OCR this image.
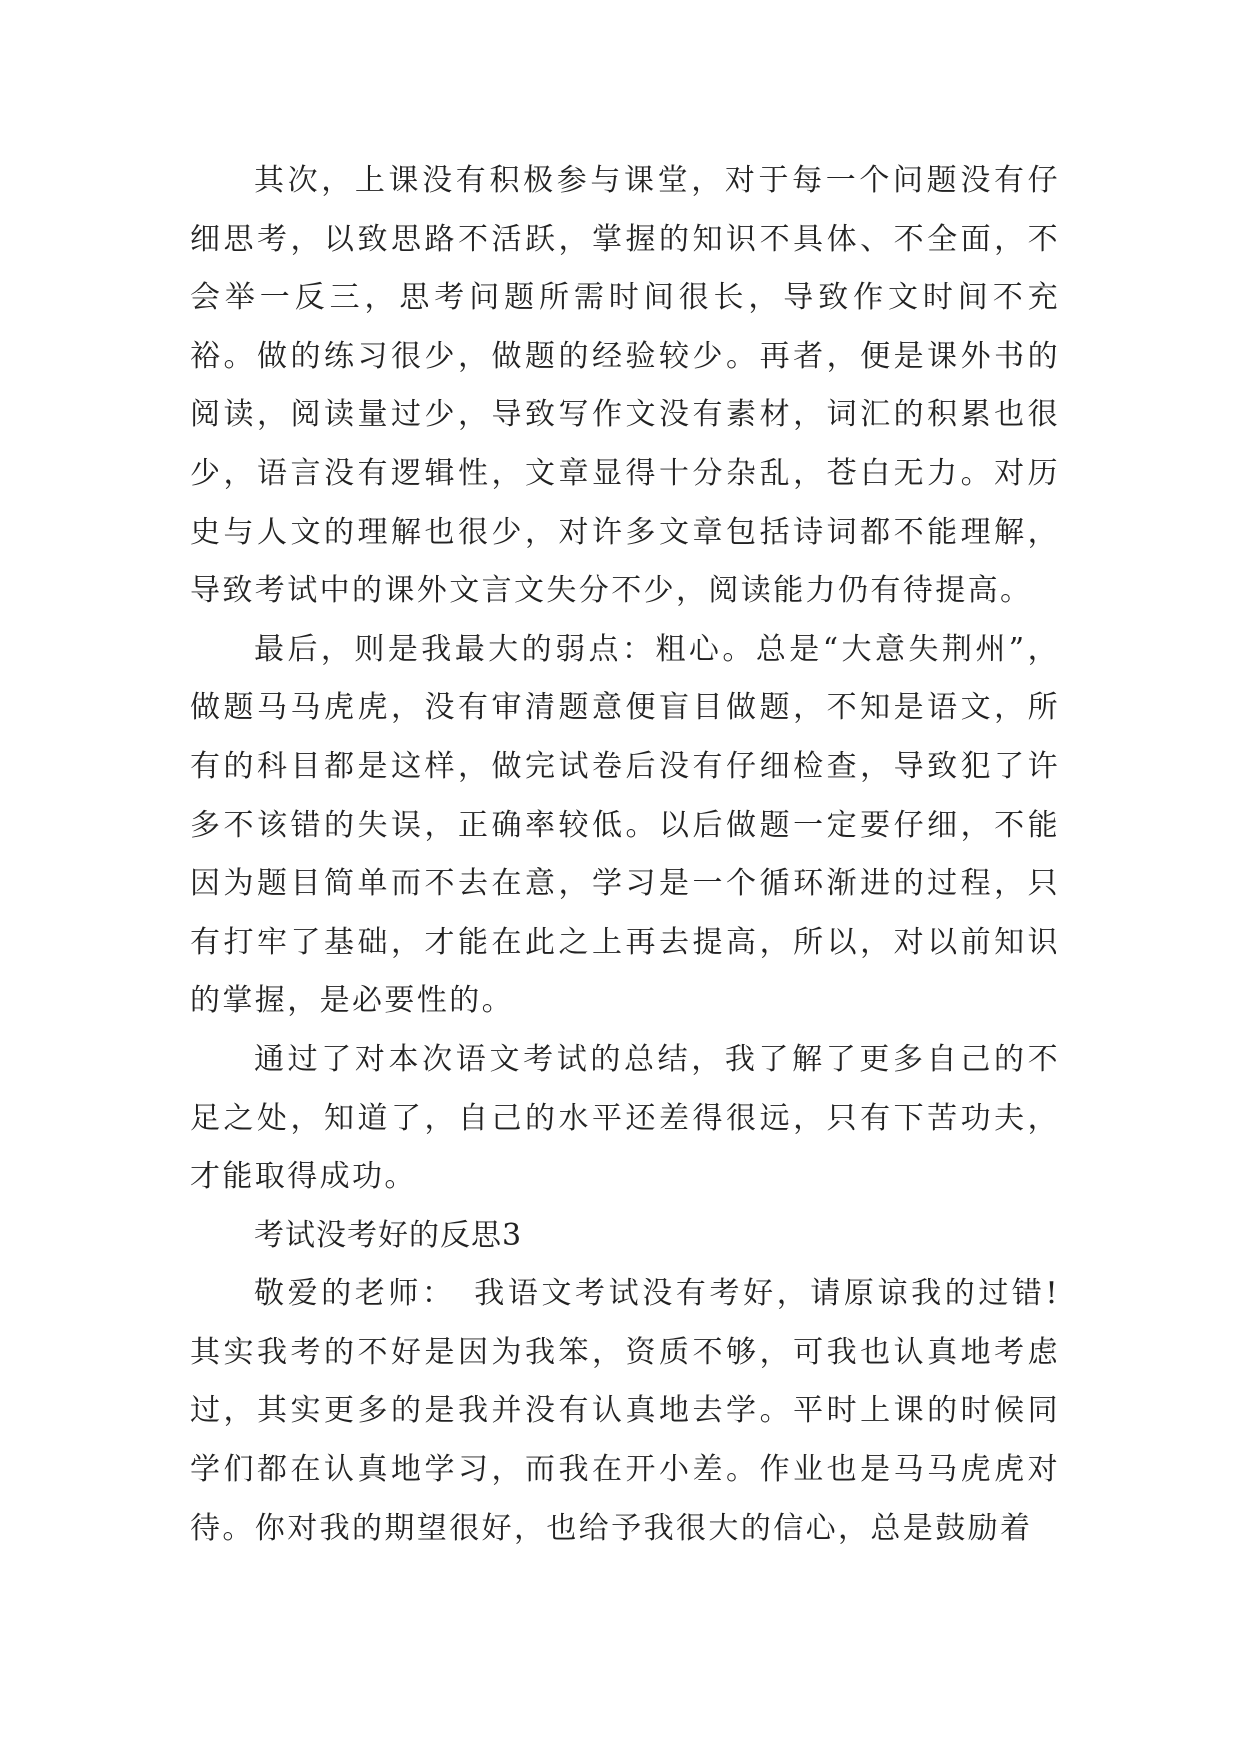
其次，上课没有积极参与课堂，对于每一个问题没有仔细思考，以致思路不活跃，掌握的知识不具体、不全面，不会举一反三，思考问题所需时间很长，导致作文时间不充裕。做的练习很少，做题的经验较少。再者，便是课外书的阅读，阅读量过少，导致写作文没有素材，词汇的积累也很少，语言没有逻辑性，文章显得十分杂乱，苍白无力。对历史与人文的理解也很少，对许多文章包括诗词都不能理解，导致考试中的课外文言文失分不少，阅读能力仍有待提高。

最后，则是我最大的弱点：粗心。总是“大意失荆州”，做题马马虎虎，没有审清题意便盲目做题，不知是语文，所有的科目都是这样，做完试卷后没有仔细检查，导致犯了许多不该错的失误，正确率较低。以后做题一定要仔细，不能因为题目简单而不去在意，学习是一个循环渐进的过程，只有打牢了基础，才能在此之上再去提高，所以，对以前知识的掌握，是必要性的。

通过了对本次语文考试的总结，我了解了更多自己的不足之处，知道了，自己的水平还差得很远，只有下苦功夫，才能取得成功。

考试没考好的反思3

敬爱的老师：　我语文考试没有考好，请原谅我的过错!其实我考的不好是因为我笨，资质不够，可我也认真地考虑过，其实更多的是我并没有认真地去学。平时上课的时候同学们都在认真地学习，而我在开小差。作业也是马马虎虎对待。你对我的期望很好，也给予我很大的信心，总是鼓励着
